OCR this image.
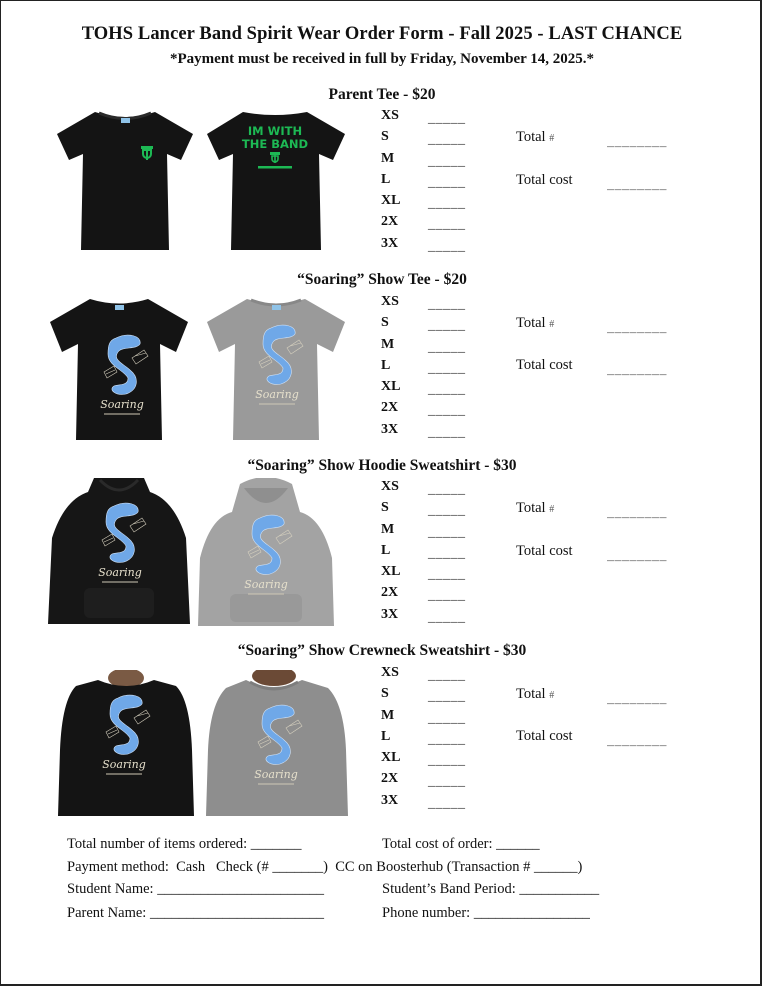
TOHS Lancer Band Spirit Wear Order Form - Fall 2025 - LAST CHANCE
*Payment must be received in full by Friday, November 14, 2025.*
Parent Tee - $20
IM WITH
THE BAND
XS _____
S	_____
M _____
L	_____
XL _____
2X _____
3X _____
Total #	________
Total cost ________
“Soaring” Show Tee - $20
XS _____
S	_____
M _____
L	_____
XL _____
2X _____
3X _____
Total #	________
Total cost ________
“Soaring” Show Hoodie Sweatshirt - $30
XS _____
S	_____
M _____
L	_____
XL _____
2X _____
3X _____
Total #	________
Total cost ________
“Soaring” Show Crewneck Sweatshirt - $30
XS _____
S	_____
M _____
L	_____
XL _____
2X _____
3X _____
Total #	________
Total cost ________
Total number of items ordered: _______	Total cost of order: ______
Payment method:  Cash   Check (# _______)  CC on Boosterhub (Transaction # ______)
Student Name: _______________________	Student’s Band Period: ___________
Parent Name: ________________________	Phone number: ________________
